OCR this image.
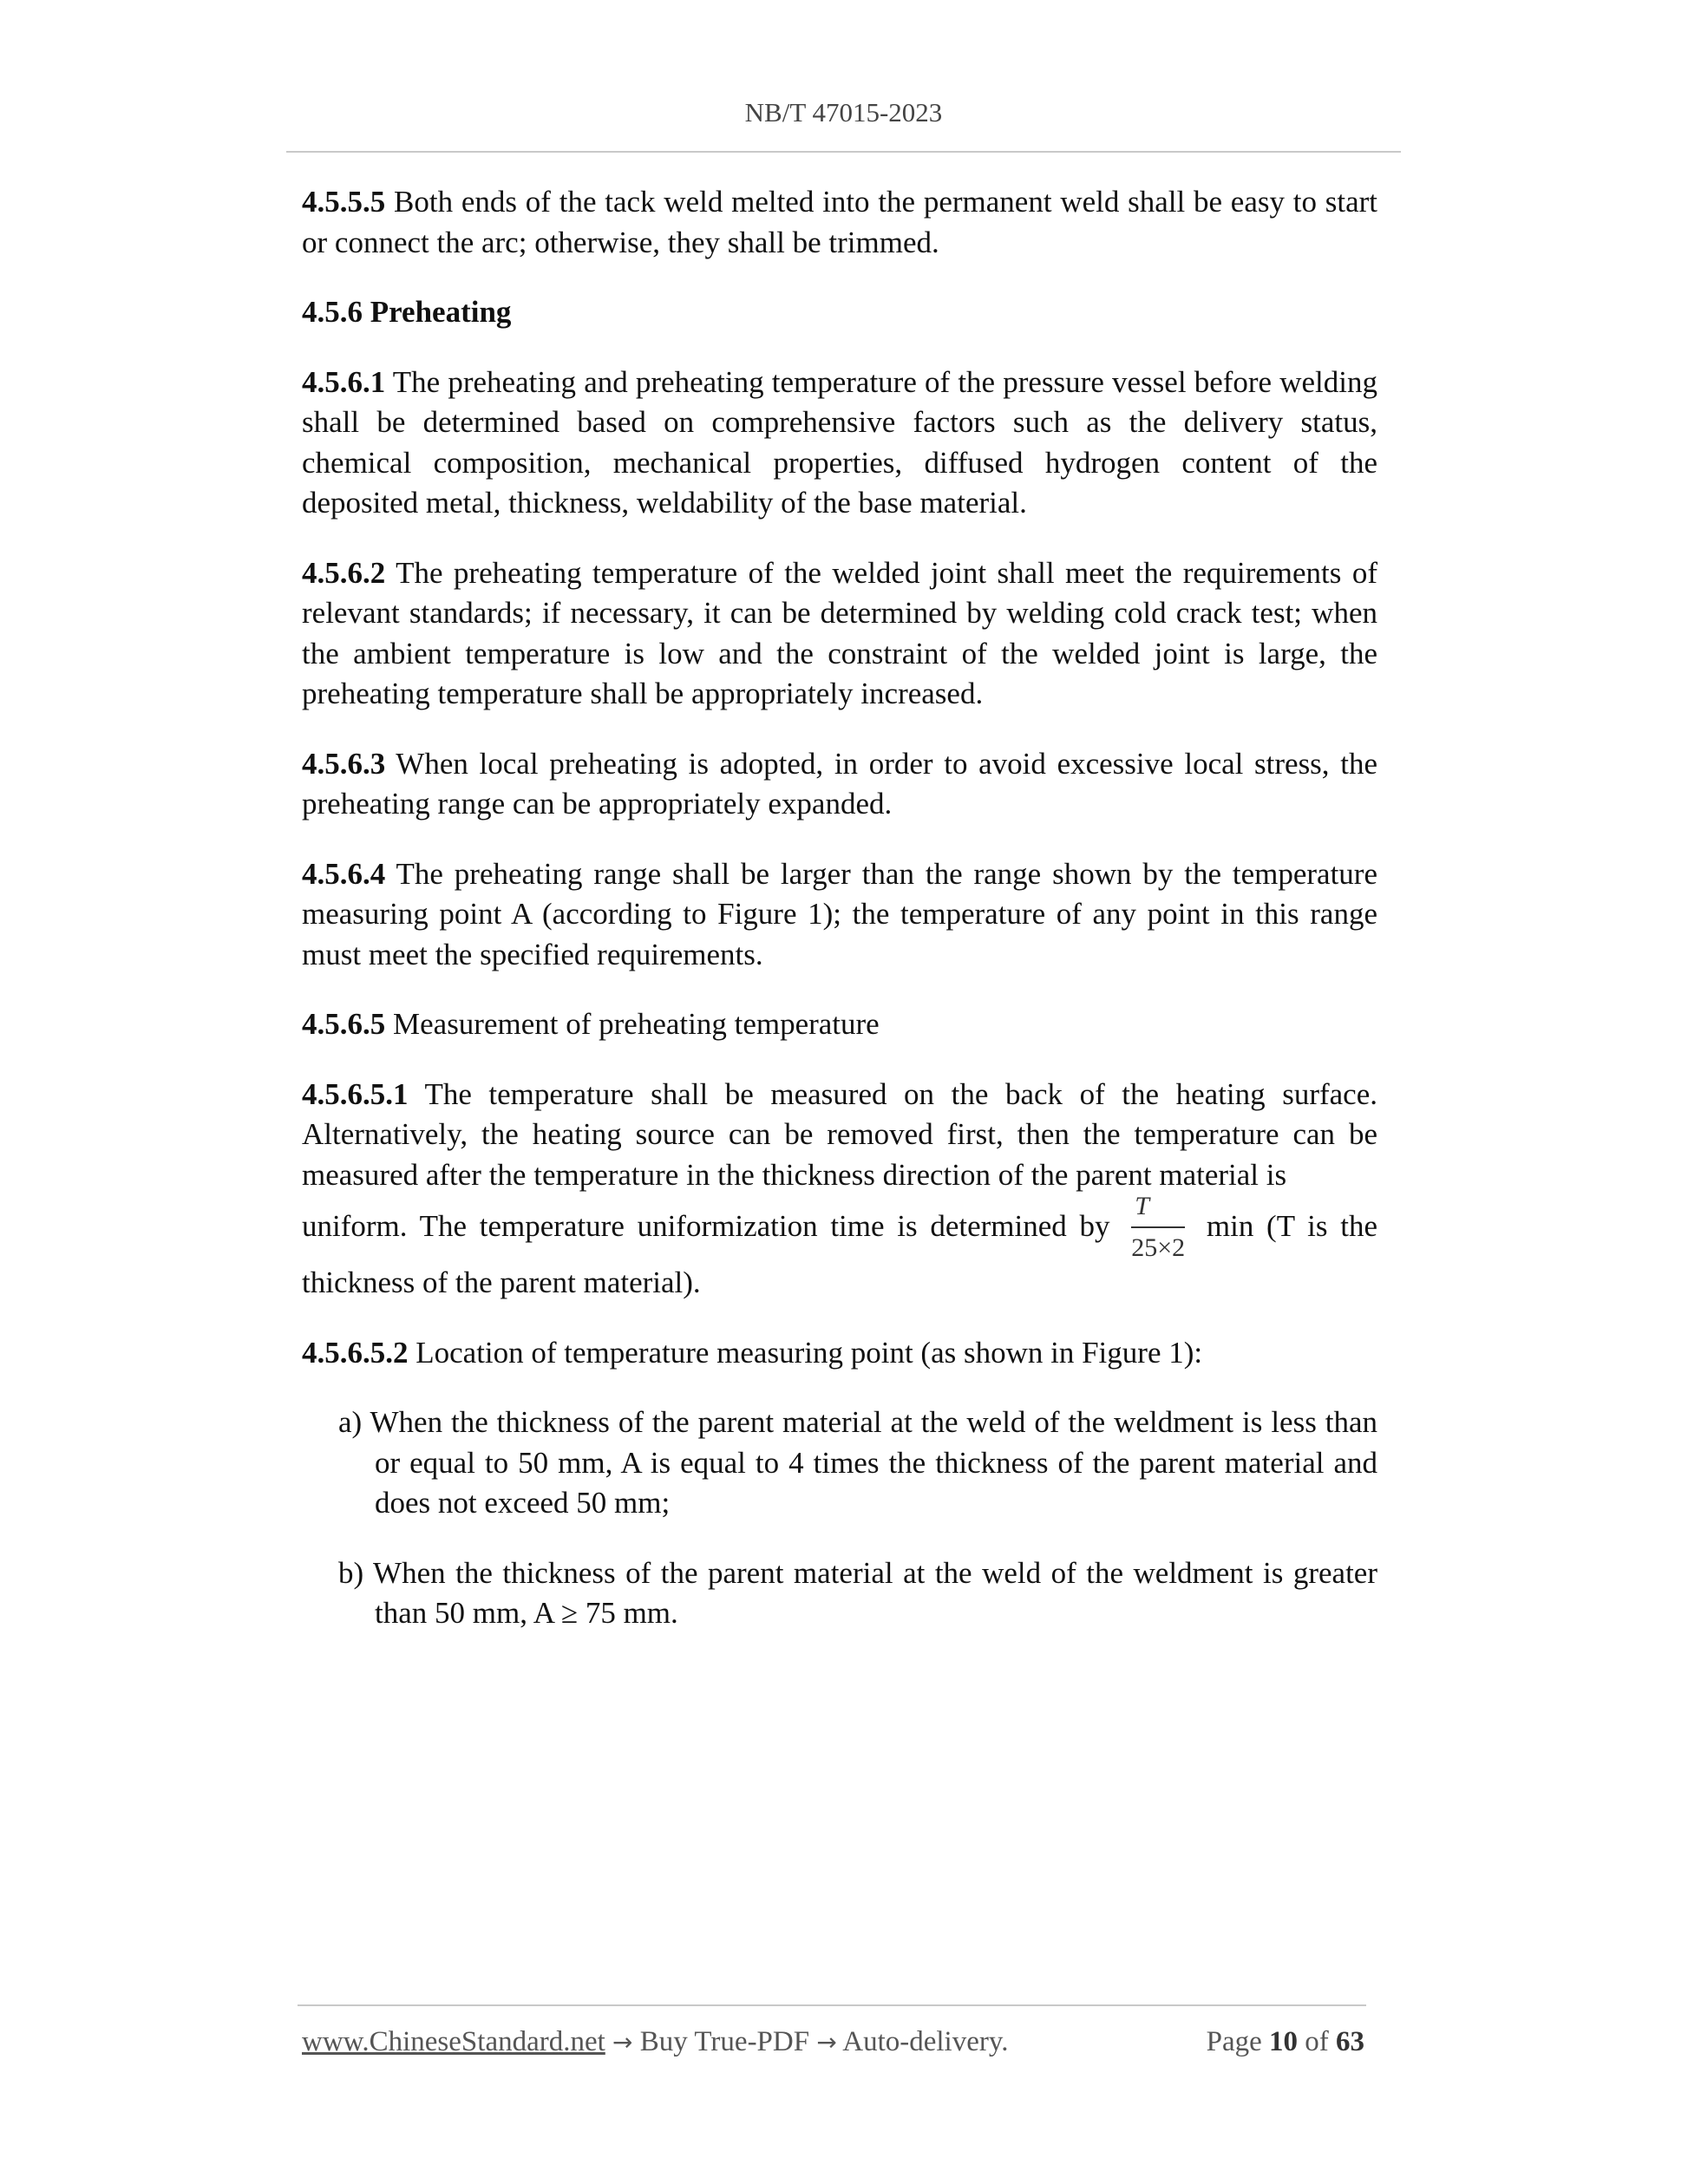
NB/T 47015-2023

4.5.5.5 Both ends of the tack weld melted into the permanent weld shall be easy to start or connect the arc; otherwise, they shall be trimmed.

4.5.6 Preheating

4.5.6.1 The preheating and preheating temperature of the pressure vessel before welding shall be determined based on comprehensive factors such as the delivery status, chemical composition, mechanical properties, diffused hydrogen content of the deposited metal, thickness, weldability of the base material.

4.5.6.2 The preheating temperature of the welded joint shall meet the requirements of relevant standards; if necessary, it can be determined by welding cold crack test; when the ambient temperature is low and the constraint of the welded joint is large, the preheating temperature shall be appropriately increased.

4.5.6.3 When local preheating is adopted, in order to avoid excessive local stress, the preheating range can be appropriately expanded.

4.5.6.4 The preheating range shall be larger than the range shown by the temperature measuring point A (according to Figure 1); the temperature of any point in this range must meet the specified requirements.

4.5.6.5 Measurement of preheating temperature

4.5.6.5.1 The temperature shall be measured on the back of the heating surface. Alternatively, the heating source can be removed first, then the temperature can be measured after the temperature in the thickness direction of the parent material is
uniform. The temperature uniformization time is determined by $\frac{T}{25\times 2}$ min (T is the

thickness of the parent material).

4.5.6.5.2 Location of temperature measuring point (as shown in Figure 1):

a) When the thickness of the parent material at the weld of the weldment is less than or equal to 50 mm, A is equal to 4 times the thickness of the parent material and does not exceed 50 mm;

b) When the thickness of the parent material at the weld of the weldment is greater than 50 mm, A ≥ 75 mm.

www.ChineseStandard.net → Buy True-PDF → Auto-delivery.	Page 10 of 63
